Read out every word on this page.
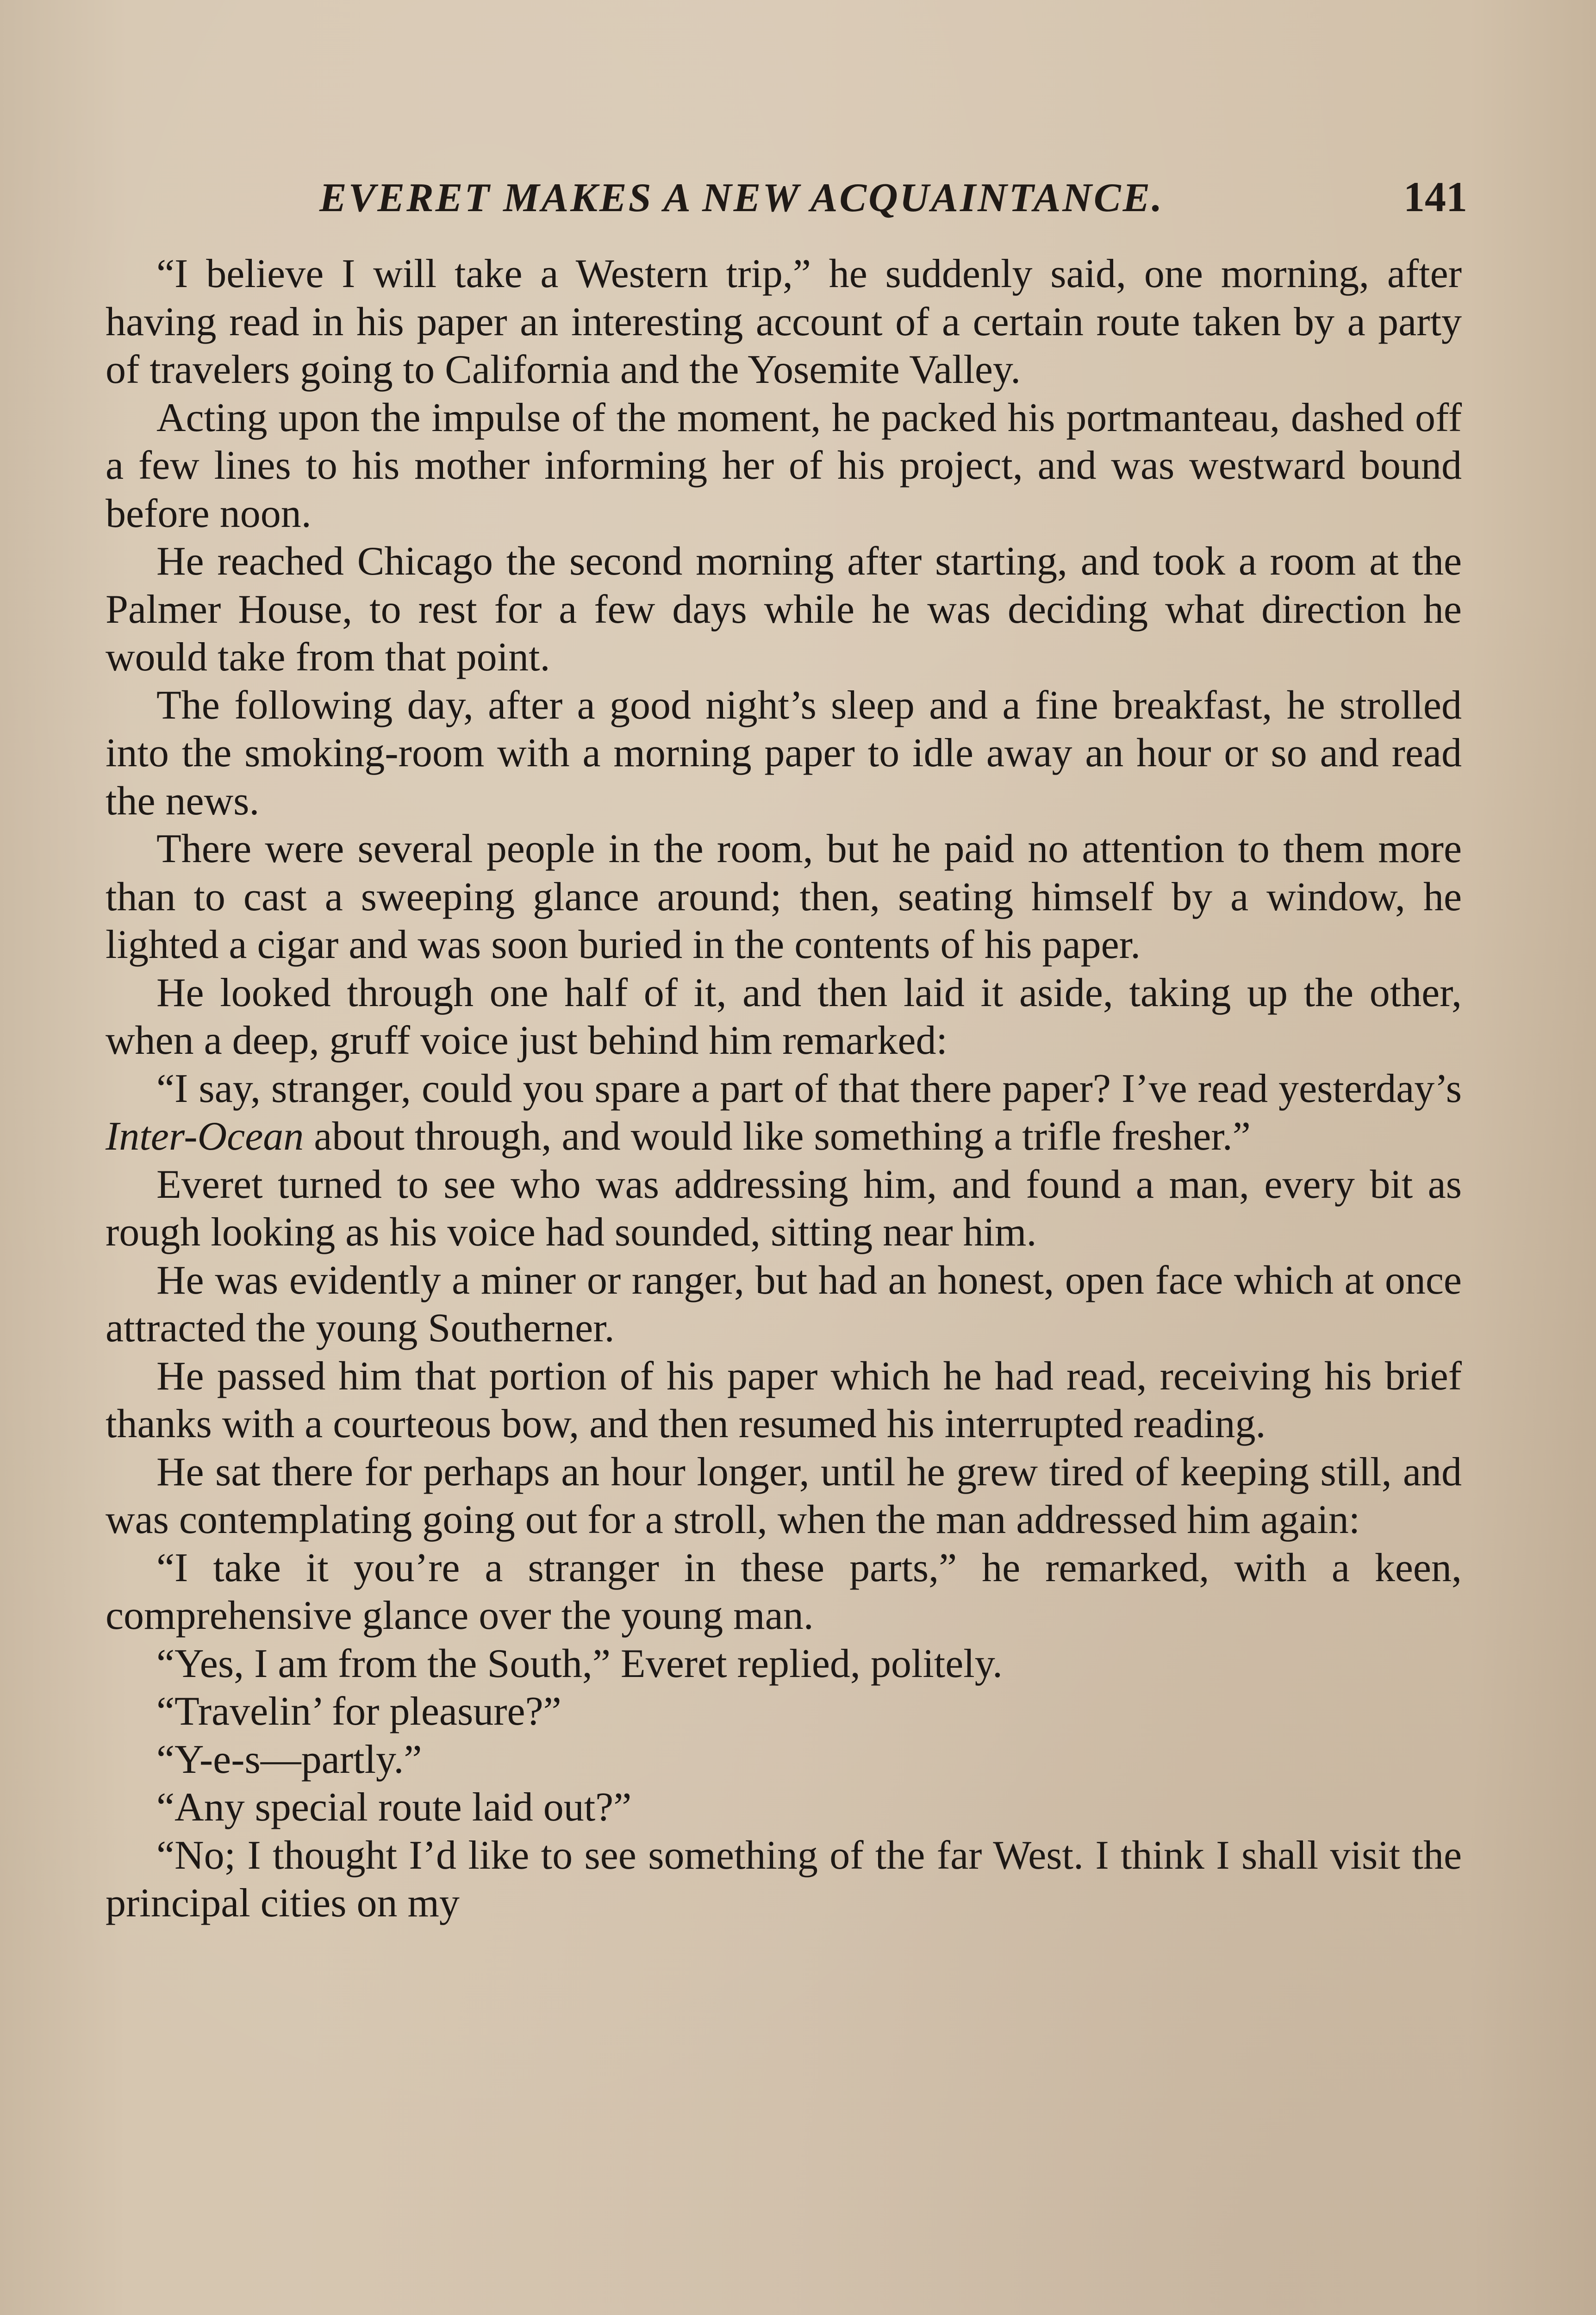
EVERET MAKES A NEW ACQUAINTANCE.	141

“I believe I will take a Western trip,” he suddenly said, one morning, after having read in his paper an interesting account of a certain route taken by a party of travelers going to California and the Yosemite Valley.

Acting upon the impulse of the moment, he packed his portmanteau, dashed off a few lines to his mother informing her of his project, and was westward bound before noon.

He reached Chicago the second morning after starting, and took a room at the Palmer House, to rest for a few days while he was deciding what direction he would take from that point.

The following day, after a good night’s sleep and a fine breakfast, he strolled into the smoking-room with a morning paper to idle away an hour or so and read the news.

There were several people in the room, but he paid no attention to them more than to cast a sweeping glance around; then, seating himself by a window, he lighted a cigar and was soon buried in the contents of his paper.

He looked through one half of it, and then laid it aside, taking up the other, when a deep, gruff voice just behind him remarked:

“I say, stranger, could you spare a part of that there paper? I’ve read yesterday’s Inter-Ocean about through, and would like something a trifle fresher.”

Everet turned to see who was addressing him, and found a man, every bit as rough looking as his voice had sounded, sitting near him.

He was evidently a miner or ranger, but had an honest, open face which at once attracted the young Southerner.

He passed him that portion of his paper which he had read, receiving his brief thanks with a courteous bow, and then resumed his interrupted reading.

He sat there for perhaps an hour longer, until he grew tired of keeping still, and was contemplating going out for a stroll, when the man addressed him again:

“I take it you’re a stranger in these parts,” he remarked, with a keen, comprehensive glance over the young man.

“Yes, I am from the South,” Everet replied, politely.

“Travelin’ for pleasure?”

“Y-e-s—partly.”

“Any special route laid out?”

“No; I thought I’d like to see something of the far West. I think I shall visit the principal cities on my
